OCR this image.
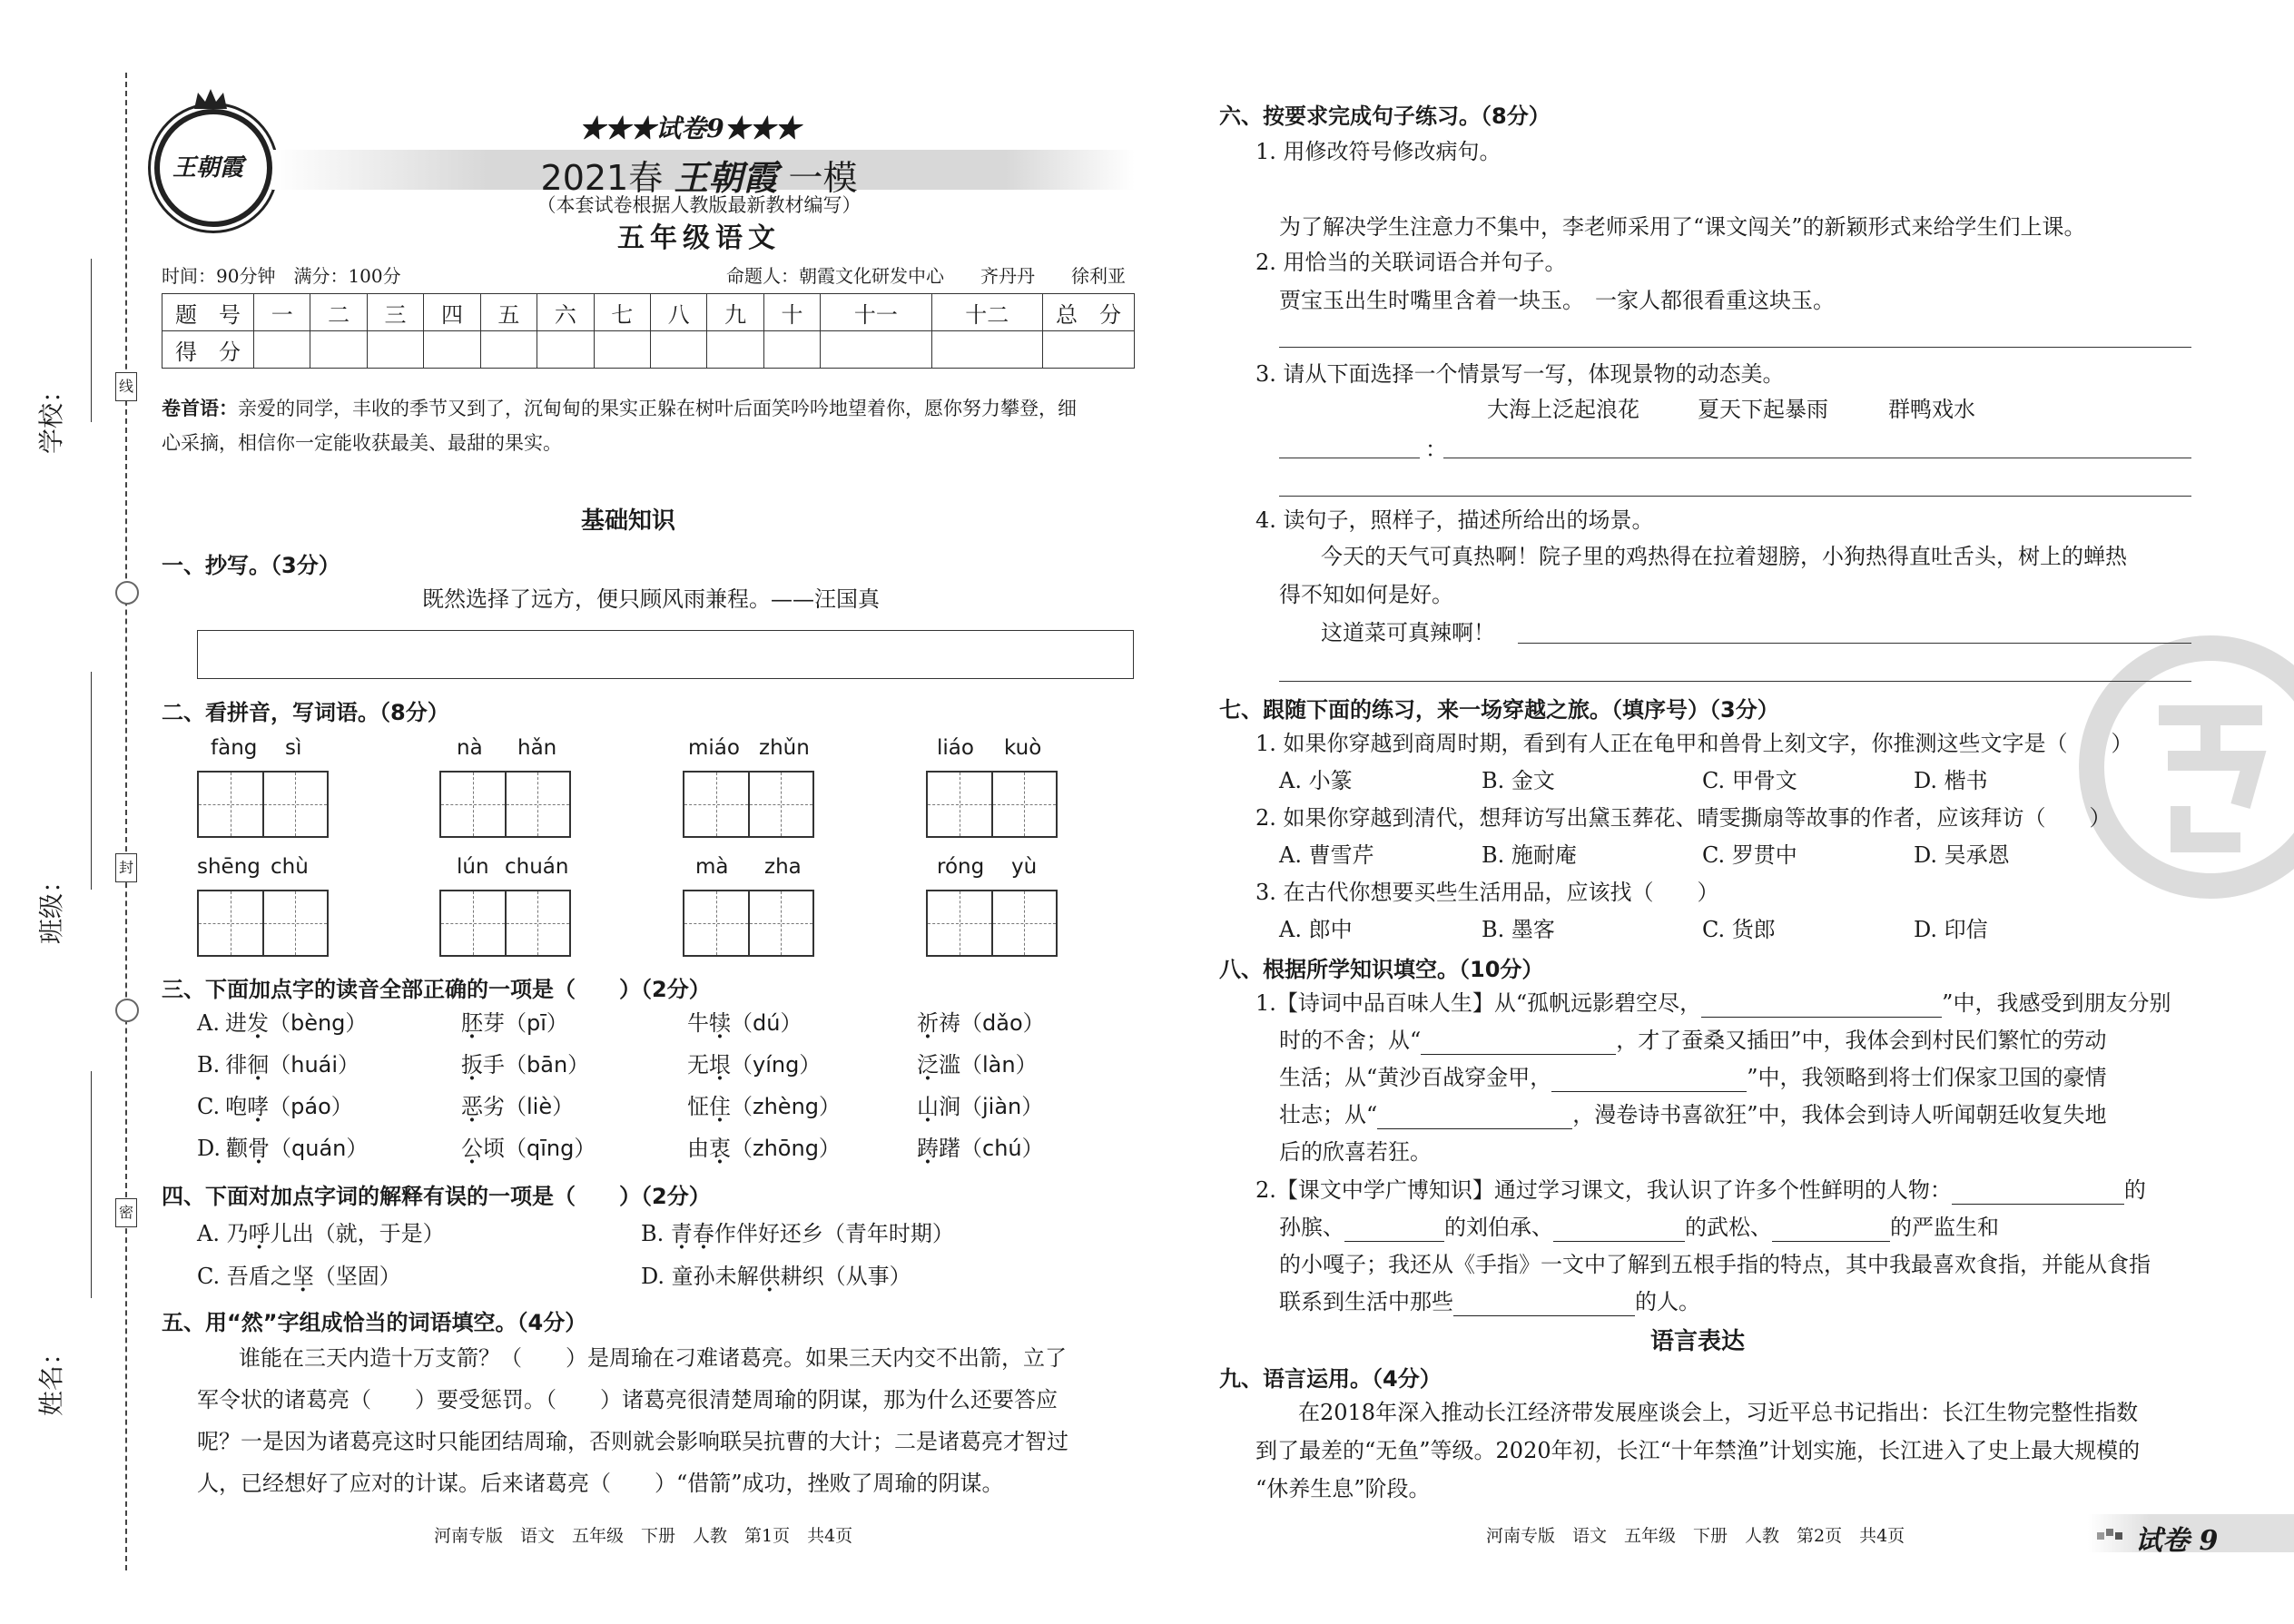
学校：
班级：
姓名：
线
封
密
王朝霞
★★★试卷9★★★
2021春 王朝霞 一模
（本套试卷根据人教版最新教材编写）
五年级语文
时间：90分钟　满分：100分	命题人：朝霞文化研发中心　　齐丹丹　　徐利亚
题　号	一	二	三	四	五	六	七	八	九	十	十一	十二	总　分
得　分													
卷首语：亲爱的同学，丰收的季节又到了，沉甸甸的果实正躲在树叶后面笑吟吟地望着你，愿你努力攀登，细
心采摘，相信你一定能收获最美、最甜的果实。
基础知识
一、抄写。（3分）
既然选择了远方，便只顾风雨兼程。——汪国真
二、看拼音，写词语。（8分）
fàng sì	nà hǎn	miáo zhǔn	liáo kuò
shēng chù	lún chuán	mà zha	róng yù
三、下面加点字的读音全部正确的一项是（　　）（2分）
A. 进发（bèng）	胚芽（pī）	牛犊（dú）	祈祷（dǎo）
B. 徘徊（huái）	扳手（bān）	无垠（yíng）	泛滥（làn）
C. 咆哮（páo）	恶劣（liè）	怔住（zhèng）	山涧（jiàn）
D. 颧骨（quán）	公顷（qīng）	由衷（zhōng）	踌躇（chú）
四、下面对加点字词的解释有误的一项是（　　）（2分）
A. 乃呼儿出（就，于是）	B. 青春作伴好还乡（青年时期）
C. 吾盾之坚（坚固）	D. 童孙未解供耕织（从事）
五、用“然”字组成恰当的词语填空。（4分）
谁能在三天内造十万支箭？（　　）是周瑜在刁难诸葛亮。如果三天内交不出箭，立了
军令状的诸葛亮（　　）要受惩罚。（　　）诸葛亮很清楚周瑜的阴谋，那为什么还要答应
呢？一是因为诸葛亮这时只能团结周瑜，否则就会影响联吴抗曹的大计；二是诸葛亮才智过
人，已经想好了应对的计谋。后来诸葛亮（　　）“借箭”成功，挫败了周瑜的阴谋。
河南专版　语文　五年级　下册　人教　第1页　共4页
六、按要求完成句子练习。（8分）
1. 用修改符号修改病句。
为了解决学生注意力不集中，李老师采用了“课文闯关”的新颖形式来给学生们上课。
2. 用恰当的关联词语合并句子。
贾宝玉出生时嘴里含着一块玉。　一家人都很看重这块玉。
3. 请从下面选择一个情景写一写，体现景物的动态美。
大海上泛起浪花	夏天下起暴雨	群鸭戏水
：
4. 读句子，照样子，描述所给出的场景。
今天的天气可真热啊！院子里的鸡热得在拉着翅膀，小狗热得直吐舌头，树上的蝉热
得不知如何是好。
这道菜可真辣啊！
七、跟随下面的练习，来一场穿越之旅。（填序号）（3分）
1. 如果你穿越到商周时期，看到有人正在龟甲和兽骨上刻文字，你推测这些文字是（　　）
A. 小篆	B. 金文	C. 甲骨文	D. 楷书
2. 如果你穿越到清代，想拜访写出黛玉葬花、晴雯撕扇等故事的作者，应该拜访（　　）
A. 曹雪芹	B. 施耐庵	C. 罗贯中	D. 吴承恩
3. 在古代你想要买些生活用品，应该找（　　）
A. 郎中	B. 墨客	C. 货郎	D. 印信
八、根据所学知识填空。（10分）
1.【诗词中品百味人生】从“孤帆远影碧空尽，	”中，我感受到朋友分别
时的不舍；从“	，才了蚕桑又插田”中，我体会到村民们繁忙的劳动
生活；从“黄沙百战穿金甲，	”中，我领略到将士们保家卫国的豪情
壮志；从“	，漫卷诗书喜欲狂”中，我体会到诗人听闻朝廷收复失地
后的欣喜若狂。
2.【课文中学广博知识】通过学习课文，我认识了许多个性鲜明的人物：	的
孙膑、	的刘伯承、	的武松、	的严监生和
的小嘎子；我还从《手指》一文中了解到五根手指的特点，其中我最喜欢食指，并能从食指
联系到生活中那些	的人。
语言表达
九、语言运用。（4分）
在2018年深入推动长江经济带发展座谈会上，习近平总书记指出：长江生物完整性指数
到了最差的“无鱼”等级。2020年初，长江“十年禁渔”计划实施，长江进入了史上最大规模的
“休养生息”阶段。
河南专版　语文　五年级　下册　人教　第2页　共4页	试卷 9
